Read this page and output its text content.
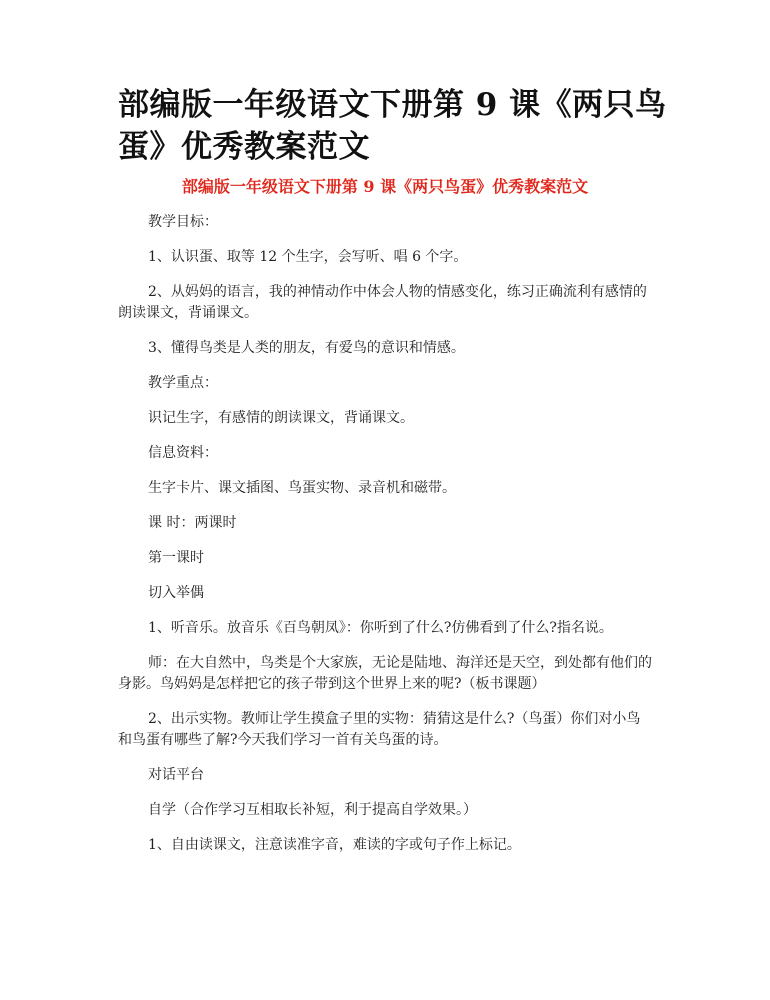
部编版一年级语文下册第 9 课《两只鸟蛋》优秀教案范文

部编版一年级语文下册第 9 课《两只鸟蛋》优秀教案范文

教学目标：

1、认识蛋、取等 12 个生字，会写听、唱 6 个字。

2、从妈妈的语言，我的神情动作中体会人物的情感变化，练习正确流利有感情的朗读课文，背诵课文。

3、懂得鸟类是人类的朋友，有爱鸟的意识和情感。

教学重点：

识记生字，有感情的朗读课文，背诵课文。

信息资料：

生字卡片、课文插图、鸟蛋实物、录音机和磁带。

课 时：两课时

第一课时

切入举偶

1、听音乐。放音乐《百鸟朝凤》：你听到了什么?仿佛看到了什么?指名说。

师：在大自然中，鸟类是个大家族，无论是陆地、海洋还是天空，到处都有他们的身影。鸟妈妈是怎样把它的孩子带到这个世界上来的呢?（板书课题）

2、出示实物。教师让学生摸盒子里的实物：猜猜这是什么?（鸟蛋）你们对小鸟和鸟蛋有哪些了解?今天我们学习一首有关鸟蛋的诗。

对话平台

自学（合作学习互相取长补短，利于提高自学效果。）

1、自由读课文，注意读准字音，难读的字或句子作上标记。
